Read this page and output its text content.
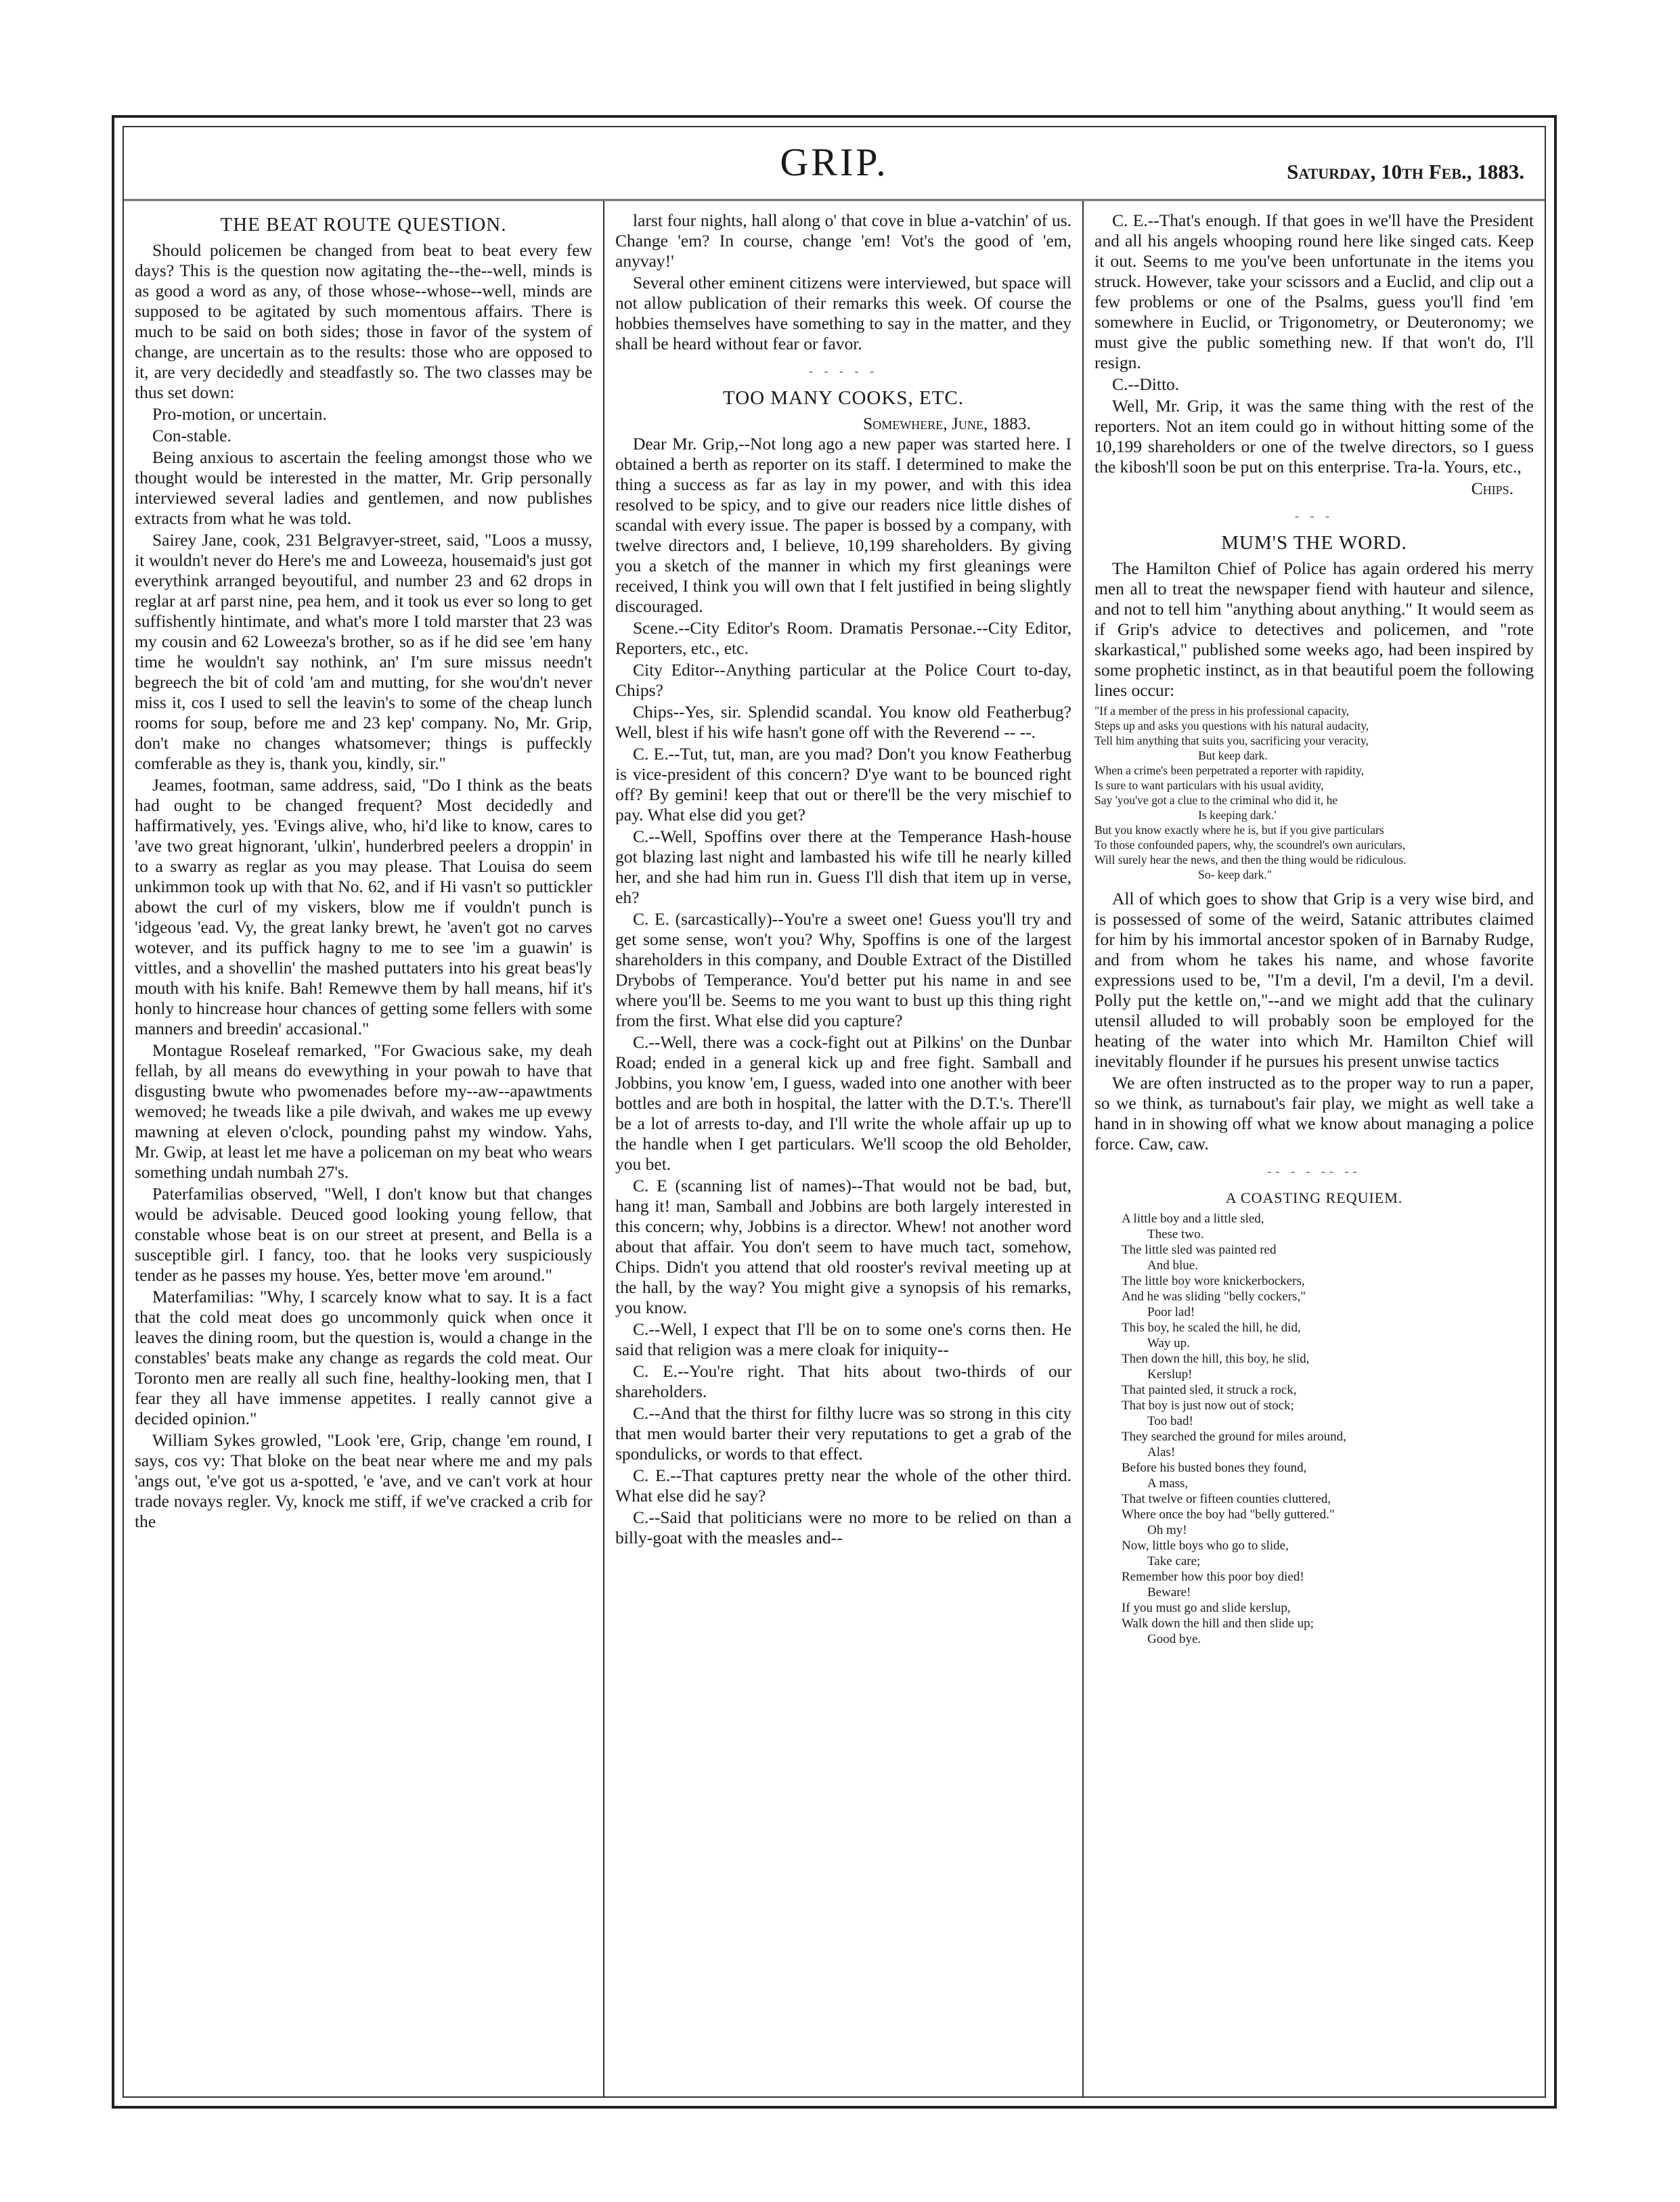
GRIP.	Saturday, 10th Feb., 1883.
THE BEAT ROUTE QUESTION.
Should policemen be changed from beat to beat every few days? This is the question now agitating the--the--well, minds is as good a word as any, of those whose--whose--well, minds are supposed to be agitated by such momentous affairs. There is much to be said on both sides; those in favor of the system of change, are uncertain as to the results: those who are opposed to it, are very decidedly and steadfastly so. The two classes may be thus set down:
Pro-motion, or uncertain.
Con-stable.
Being anxious to ascertain the feeling amongst those who we thought would be interested in the matter, Mr. Grip personally interviewed several ladies and gentlemen, and now publishes extracts from what he was told.
Sairey Jane, cook, 231 Belgravyer-street, said, "Loos a mussy, it wouldn't never do Here's me and Loweeza, housemaid's just got everythink arranged beyoutiful, and number 23 and 62 drops in reglar at arf parst nine, pea hem, and it took us ever so long to get suffishently hintimate, and what's more I told marster that 23 was my cousin and 62 Loweeza's brother, so as if he did see 'em hany time he wouldn't say nothink, an' I'm sure missus needn't begreech the bit of cold 'am and mutting, for she wou'dn't never miss it, cos I used to sell the leavin's to some of the cheap lunch rooms for soup, before me and 23 kep' company. No, Mr. Grip, don't make no changes whatsomever; things is puffeckly comferable as they is, thank you, kindly, sir."
Jeames, footman, same address, said, "Do I think as the beats had ought to be changed frequent? Most decidedly and haffirmatively, yes. 'Evings alive, who, hi'd like to know, cares to 'ave two great hignorant, 'ulkin', hunderbred peelers a droppin' in to a swarry as reglar as you may please. That Louisa do seem unkimmon took up with that No. 62, and if Hi vasn't so puttickler abowt the curl of my viskers, blow me if vouldn't punch is 'idgeous 'ead. Vy, the great lanky brewt, he 'aven't got no carves wotever, and its puffick hagny to me to see 'im a guawin' is vittles, and a shovellin' the mashed puttaters into his great beas'ly mouth with his knife. Bah! Remewve them by hall means, hif it's honly to hincrease hour chances of getting some fellers with some manners and breedin' accasional."
Montague Roseleaf remarked, "For Gwacious sake, my deah fellah, by all means do evewything in your powah to have that disgusting bwute who pwomenades before my--aw--apawtments wemoved; he tweads like a pile dwivah, and wakes me up evewy mawning at eleven o'clock, pounding pahst my window. Yahs, Mr. Gwip, at least let me have a policeman on my beat who wears something undah numbah 27's.
Paterfamilias observed, "Well, I don't know but that changes would be advisable. Deuced good looking young fellow, that constable whose beat is on our street at present, and Bella is a susceptible girl. I fancy, too. that he looks very suspiciously tender as he passes my house. Yes, better move 'em around."
Materfamilias: "Why, I scarcely know what to say. It is a fact that the cold meat does go uncommonly quick when once it leaves the dining room, but the question is, would a change in the constables' beats make any change as regards the cold meat. Our Toronto men are really all such fine, healthy-looking men, that I fear they all have immense appetites. I really cannot give a decided opinion."
William Sykes growled, "Look 'ere, Grip, change 'em round, I says, cos vy: That bloke on the beat near where me and my pals 'angs out, 'e've got us a-spotted, 'e 'ave, and ve can't vork at hour trade novays regler. Vy, knock me stiff, if we've cracked a crib for the
larst four nights, hall along o' that cove in blue a-vatchin' of us. Change 'em? In course, change 'em! Vot's the good of 'em, anyvay!'
Several other eminent citizens were interviewed, but space will not allow publication of their remarks this week. Of course the hobbies themselves have something to say in the matter, and they shall be heard without fear or favor.
- - - - -
TOO MANY COOKS, ETC.
Somewhere, June, 1883.
Dear Mr. Grip,--Not long ago a new paper was started here. I obtained a berth as reporter on its staff. I determined to make the thing a success as far as lay in my power, and with this idea resolved to be spicy, and to give our readers nice little dishes of scandal with every issue. The paper is bossed by a company, with twelve directors and, I believe, 10,199 shareholders. By giving you a sketch of the manner in which my first gleanings were received, I think you will own that I felt justified in being slightly discouraged.
Scene.--City Editor's Room. Dramatis Personae.--City Editor, Reporters, etc., etc.
City Editor--Anything particular at the Police Court to-day, Chips?
Chips--Yes, sir. Splendid scandal. You know old Featherbug? Well, blest if his wife hasn't gone off with the Reverend -- --.
C. E.--Tut, tut, man, are you mad? Don't you know Featherbug is vice-president of this concern? D'ye want to be bounced right off? By gemini! keep that out or there'll be the very mischief to pay. What else did you get?
C.--Well, Spoffins over there at the Temperance Hash-house got blazing last night and lambasted his wife till he nearly killed her, and she had him run in. Guess I'll dish that item up in verse, eh?
C. E. (sarcastically)--You're a sweet one! Guess you'll try and get some sense, won't you? Why, Spoffins is one of the largest shareholders in this company, and Double Extract of the Distilled Drybobs of Temperance. You'd better put his name in and see where you'll be. Seems to me you want to bust up this thing right from the first. What else did you capture?
C.--Well, there was a cock-fight out at Pilkins' on the Dunbar Road; ended in a general kick up and free fight. Samball and Jobbins, you know 'em, I guess, waded into one another with beer bottles and are both in hospital, the latter with the D.T.'s. There'll be a lot of arrests to-day, and I'll write the whole affair up up to the handle when I get particulars. We'll scoop the old Beholder, you bet.
C. E (scanning list of names)--That would not be bad, but, hang it! man, Samball and Jobbins are both largely interested in this concern; why, Jobbins is a director. Whew! not another word about that affair. You don't seem to have much tact, somehow, Chips. Didn't you attend that old rooster's revival meeting up at the hall, by the way? You might give a synopsis of his remarks, you know.
C.--Well, I expect that I'll be on to some one's corns then. He said that religion was a mere cloak for iniquity--
C. E.--You're right. That hits about two-thirds of our shareholders.
C.--And that the thirst for filthy lucre was so strong in this city that men would barter their very reputations to get a grab of the spondulicks, or words to that effect.
C. E.--That captures pretty near the whole of the other third. What else did he say?
C.--Said that politicians were no more to be relied on than a billy-goat with the measles and--
C. E.--That's enough. If that goes in we'll have the President and all his angels whooping round here like singed cats. Keep it out. Seems to me you've been unfortunate in the items you struck. However, take your scissors and a Euclid, and clip out a few problems or one of the Psalms, guess you'll find 'em somewhere in Euclid, or Trigonometry, or Deuteronomy; we must give the public something new. If that won't do, I'll resign.
C.--Ditto.
Well, Mr. Grip, it was the same thing with the rest of the reporters. Not an item could go in without hitting some of the 10,199 shareholders or one of the twelve directors, so I guess the kibosh'll soon be put on this enterprise. Tra-la. Yours, etc.,
Chips.
- - -
MUM'S THE WORD.
The Hamilton Chief of Police has again ordered his merry men all to treat the newspaper fiend with hauteur and silence, and not to tell him "anything about anything." It would seem as if Grip's advice to detectives and policemen, and "rote skarkastical," published some weeks ago, had been inspired by some prophetic instinct, as in that beautiful poem the following lines occur:
"If a member of the press in his professional capacity,
Steps up and asks you questions with his natural audacity,
Tell him anything that suits you, sacrificing your veracity,
But keep dark.
When a crime's been perpetrated a reporter with rapidity,
Is sure to want particulars with his usual avidity,
Say 'you've got a clue to the criminal who did it, he
Is keeping dark.'
But you know exactly where he is, but if you give particulars
To those confounded papers, why, the scoundrel's own auriculars,
Will surely hear the news, and then the thing would be ridiculous.
So- keep dark."
All of which goes to show that Grip is a very wise bird, and is possessed of some of the weird, Satanic attributes claimed for him by his immortal ancestor spoken of in Barnaby Rudge, and from whom he takes his name, and whose favorite expressions used to be, "I'm a devil, I'm a devil, I'm a devil. Polly put the kettle on,"--and we might add that the culinary utensil alluded to will probably soon be employed for the heating of the water into which Mr. Hamilton Chief will inevitably flounder if he pursues his present unwise tactics
We are often instructed as to the proper way to run a paper, so we think, as turnabout's fair play, we might as well take a hand in in showing off what we know about managing a police force. Caw, caw.
-- - - -- --
A COASTING REQUIEM.
A little boy and a little sled,
These two.
The little sled was painted red
And blue.
The little boy wore knickerbockers,
And he was sliding "belly cockers,"
Poor lad!
This boy, he scaled the hill, he did,
Way up.
Then down the hill, this boy, he slid,
Kerslup!
That painted sled, it struck a rock,
That boy is just now out of stock;
Too bad!
They searched the ground for miles around,
Alas!
Before his busted bones they found,
A mass,
That twelve or fifteen counties cluttered,
Where once the boy had "belly guttered."
Oh my!
Now, little boys who go to slide,
Take care;
Remember how this poor boy died!
Beware!
If you must go and slide kerslup,
Walk down the hill and then slide up;
Good bye.
